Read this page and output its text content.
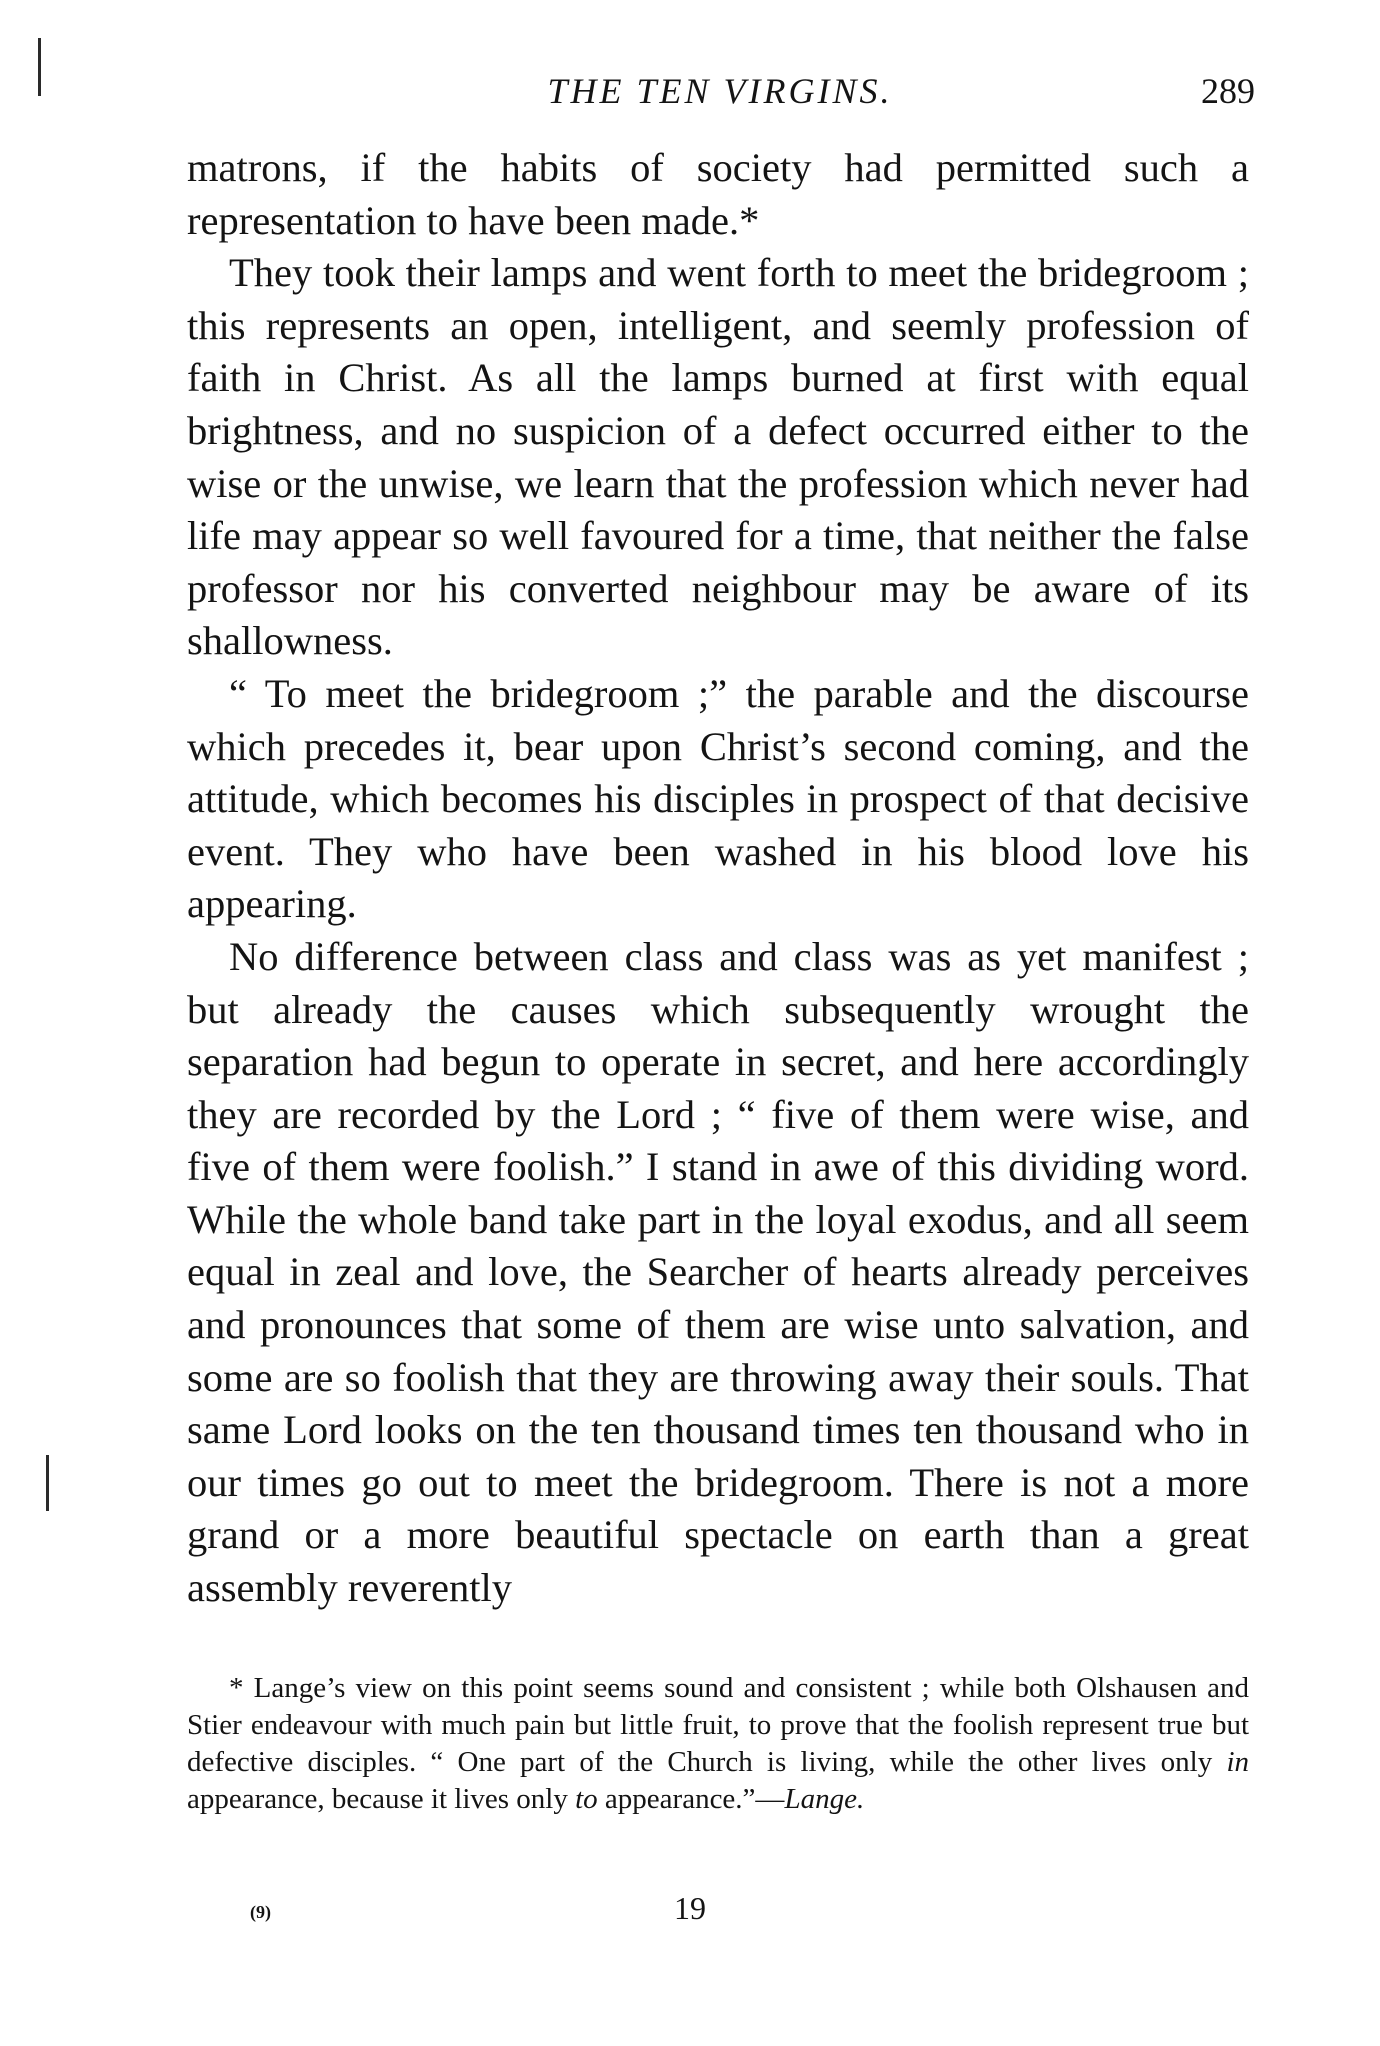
THE TEN VIRGINS.	289

matrons, if the habits of society had permitted such a representation to have been made.*

They took their lamps and went forth to meet the bridegroom ; this represents an open, intelligent, and seemly profession of faith in Christ. As all the lamps burned at first with equal brightness, and no suspicion of a defect occurred either to the wise or the unwise, we learn that the profession which never had life may appear so well favoured for a time, that neither the false professor nor his converted neighbour may be aware of its shallowness.

“ To meet the bridegroom ;” the parable and the discourse which precedes it, bear upon Christ’s second coming, and the attitude, which becomes his disciples in prospect of that decisive event. They who have been washed in his blood love his appearing.

No difference between class and class was as yet manifest ; but already the causes which subsequently wrought the separation had begun to operate in secret, and here accordingly they are recorded by the Lord ; “ five of them were wise, and five of them were foolish.” I stand in awe of this dividing word. While the whole band take part in the loyal exodus, and all seem equal in zeal and love, the Searcher of hearts already perceives and pronounces that some of them are wise unto salvation, and some are so foolish that they are throwing away their souls. That same Lord looks on the ten thousand times ten thousand who in our times go out to meet the bridegroom. There is not a more grand or a more beautiful spectacle on earth than a great assembly reverently

* Lange’s view on this point seems sound and consistent ; while both Olshausen and Stier endeavour with much pain but little fruit, to prove that the foolish represent true but defective disciples. “ One part of the Church is living, while the other lives only in appearance, because it lives only to appearance.”—Lange.

(9)	19
